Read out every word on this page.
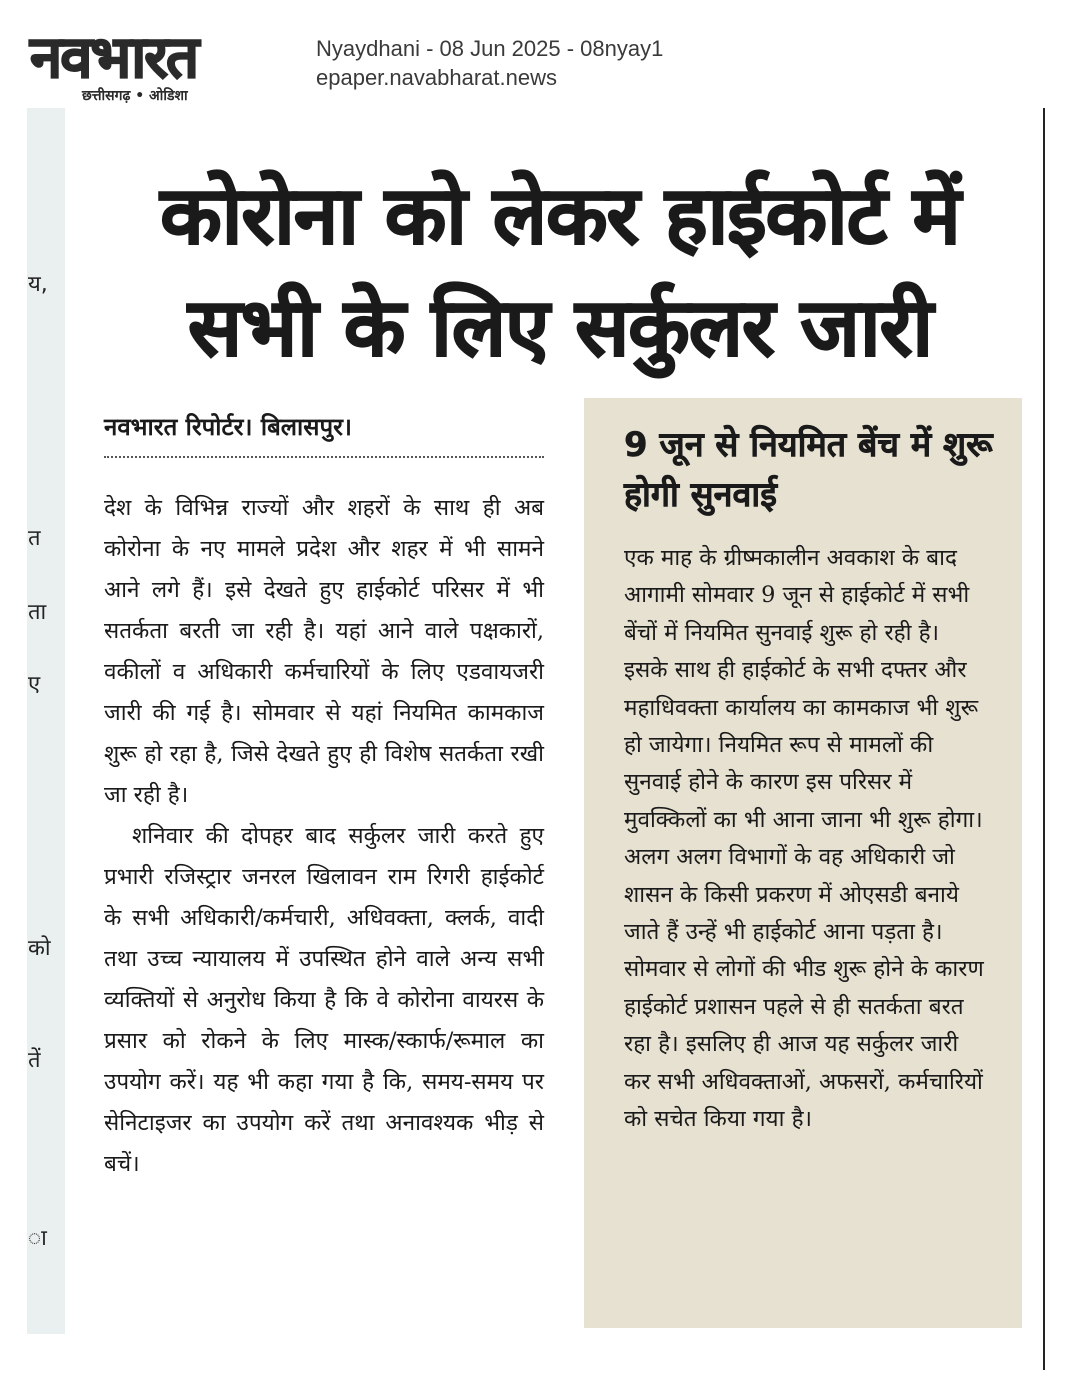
नवभारत
छत्तीसगढ़ • ओडिशा
Nyaydhani - 08 Jun 2025 - 08nyay1
epaper.navabharat.news
य,
त
ता
ए
को
तें
ा
कोरोना को लेकर हाईकोर्ट में
सभी के लिए सर्कुलर जारी
नवभारत रिपोर्टर। बिलासपुर।

देश के विभिन्न राज्यों और शहरों के साथ ही अब कोरोना के नए मामले प्रदेश और शहर में भी सामने आने लगे हैं। इसे देखते हुए हाईकोर्ट परिसर में भी सतर्कता बरती जा रही है। यहां आने वाले पक्षकारों, वकीलों व अधिकारी कर्मचारियों के लिए एडवायजरी जारी की गई है। सोमवार से यहां नियमित कामकाज शुरू हो रहा है, जिसे देखते हुए ही विशेष सतर्कता रखी जा रही है।

शनिवार की दोपहर बाद सर्कुलर जारी करते हुए प्रभारी रजिस्ट्रार जनरल खिलावन राम रिगरी हाईकोर्ट के सभी अधिकारी/कर्मचारी, अधिवक्ता, क्लर्क, वादी तथा उच्च न्यायालय में उपस्थित होने वाले अन्य सभी व्यक्तियों से अनुरोध किया है कि वे कोरोना वायरस के प्रसार को रोकने के लिए मास्क/स्कार्फ/रूमाल का उपयोग करें। यह भी कहा गया है कि, समय-समय पर सेनिटाइजर का उपयोग करें तथा अनावश्यक भीड़ से बचें।

9 जून से नियमित बेंच में शुरू होगी सुनवाई
एक माह के ग्रीष्मकालीन अवकाश के बाद आगामी सोमवार 9 जून से हाईकोर्ट में सभी बेंचों में नियमित सुनवाई शुरू हो रही है। इसके साथ ही हाईकोर्ट के सभी दफ्तर और महाधिवक्ता कार्यालय का कामकाज भी शुरू हो जायेगा। नियमित रूप से मामलों की सुनवाई होने के कारण इस परिसर में मुवक्किलों का भी आना जाना भी शुरू होगा। अलग अलग विभागों के वह अधिकारी जो शासन के किसी प्रकरण में ओएसडी बनाये जाते हैं उन्हें भी हाईकोर्ट आना पड़ता है। सोमवार से लोगों की भीड शुरू होने के कारण हाईकोर्ट प्रशासन पहले से ही सतर्कता बरत रहा है। इसलिए ही आज यह सर्कुलर जारी कर सभी अधिवक्ताओं, अफसरों, कर्मचारियों को सचेत किया गया है।
